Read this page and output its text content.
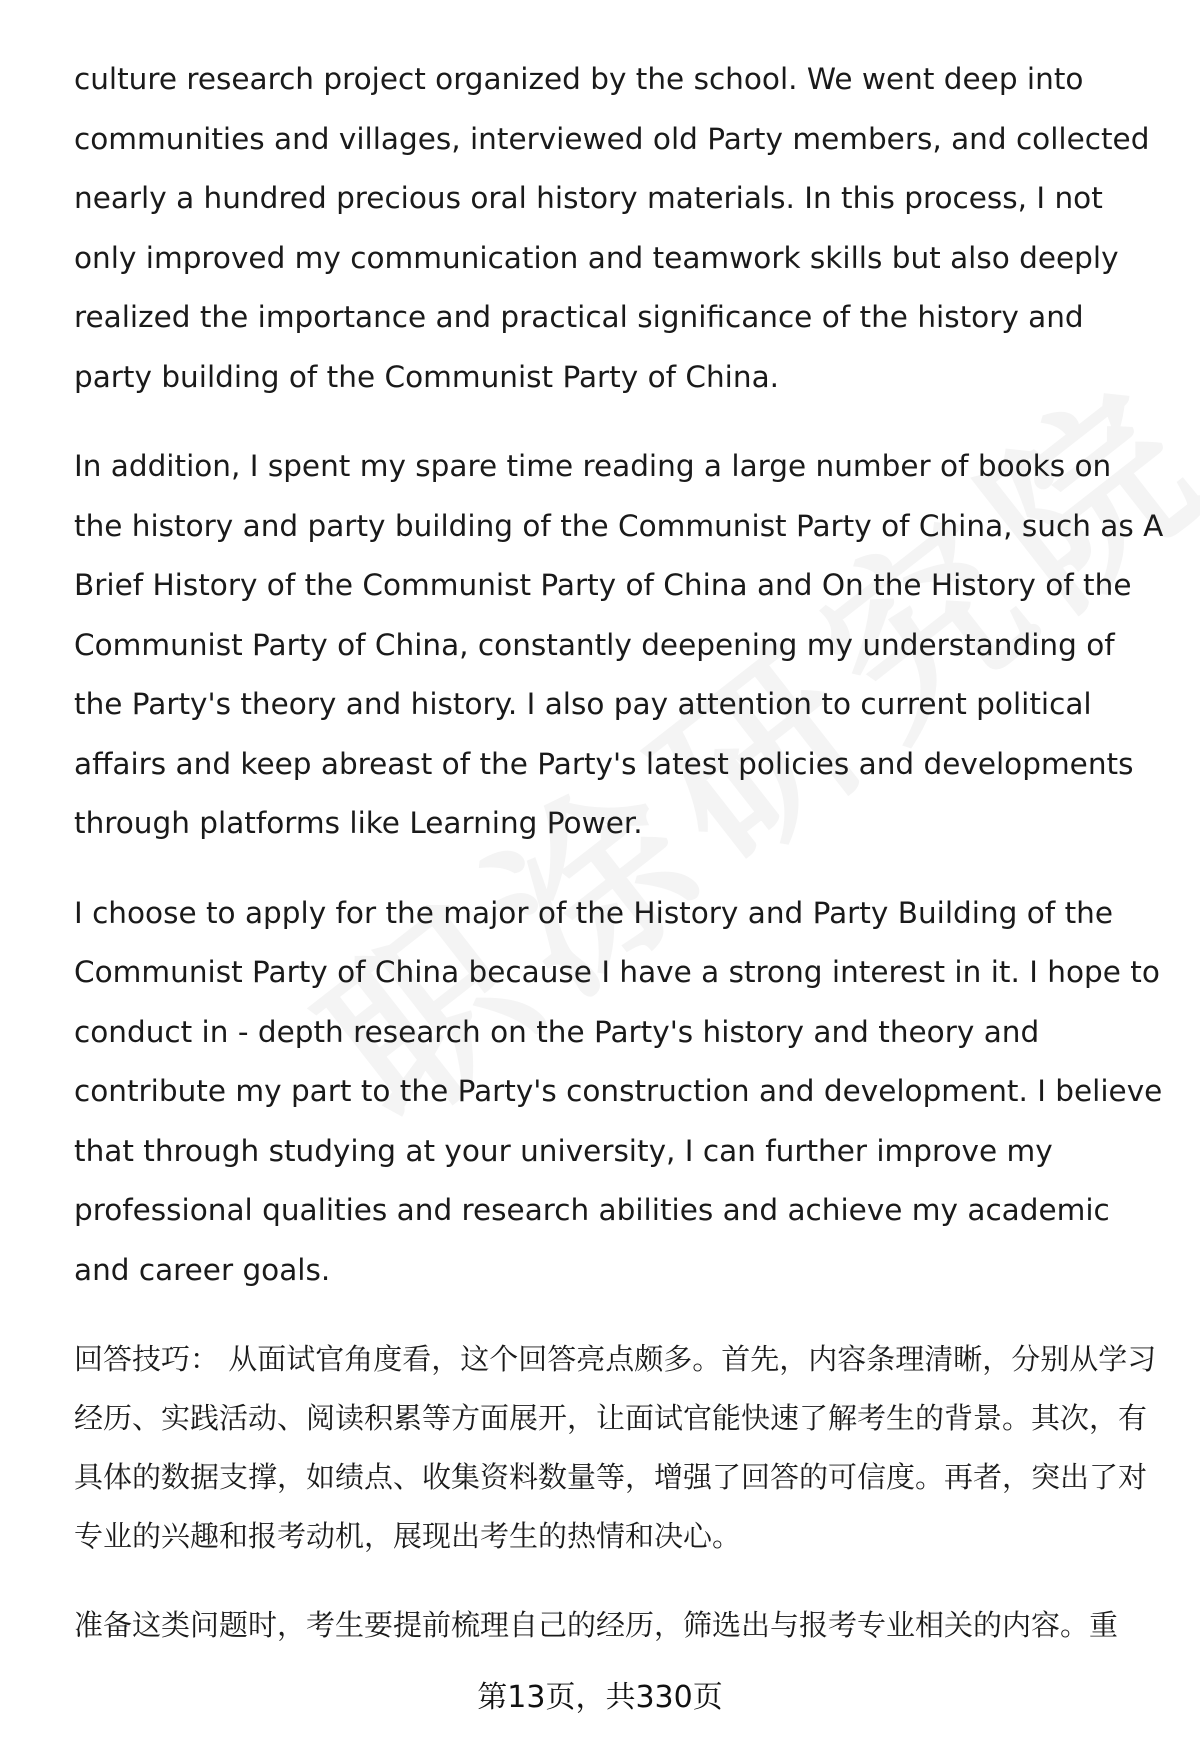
culture research project organized by the school. We went deep into communities and villages, interviewed old Party members, and collected nearly a hundred precious oral history materials. In this process, I not only improved my communication and teamwork skills but also deeply realized the importance and practical significance of the history and party building of the Communist Party of China.

In addition, I spent my spare time reading a large number of books on the history and party building of the Communist Party of China, such as A Brief History of the Communist Party of China and On the History of the Communist Party of China, constantly deepening my understanding of the Party's theory and history. I also pay attention to current political affairs and keep abreast of the Party's latest policies and developments through platforms like Learning Power.

I choose to apply for the major of the History and Party Building of the Communist Party of China because I have a strong interest in it. I hope to conduct in - depth research on the Party's history and theory and contribute my part to the Party's construction and development. I believe that through studying at your university, I can further improve my professional qualities and research abilities and achieve my academic and career goals.

回答技巧： 从面试官角度看，这个回答亮点颇多。首先，内容条理清晰，分别从学习经历、实践活动、阅读积累等方面展开，让面试官能快速了解考生的背景。其次，有具体的数据支撑，如绩点、收集资料数量等，增强了回答的可信度。再者，突出了对专业的兴趣和报考动机，展现出考生的热情和决心。

准备这类问题时，考生要提前梳理自己的经历，筛选出与报考专业相关的内容。重

第13页，共330页
